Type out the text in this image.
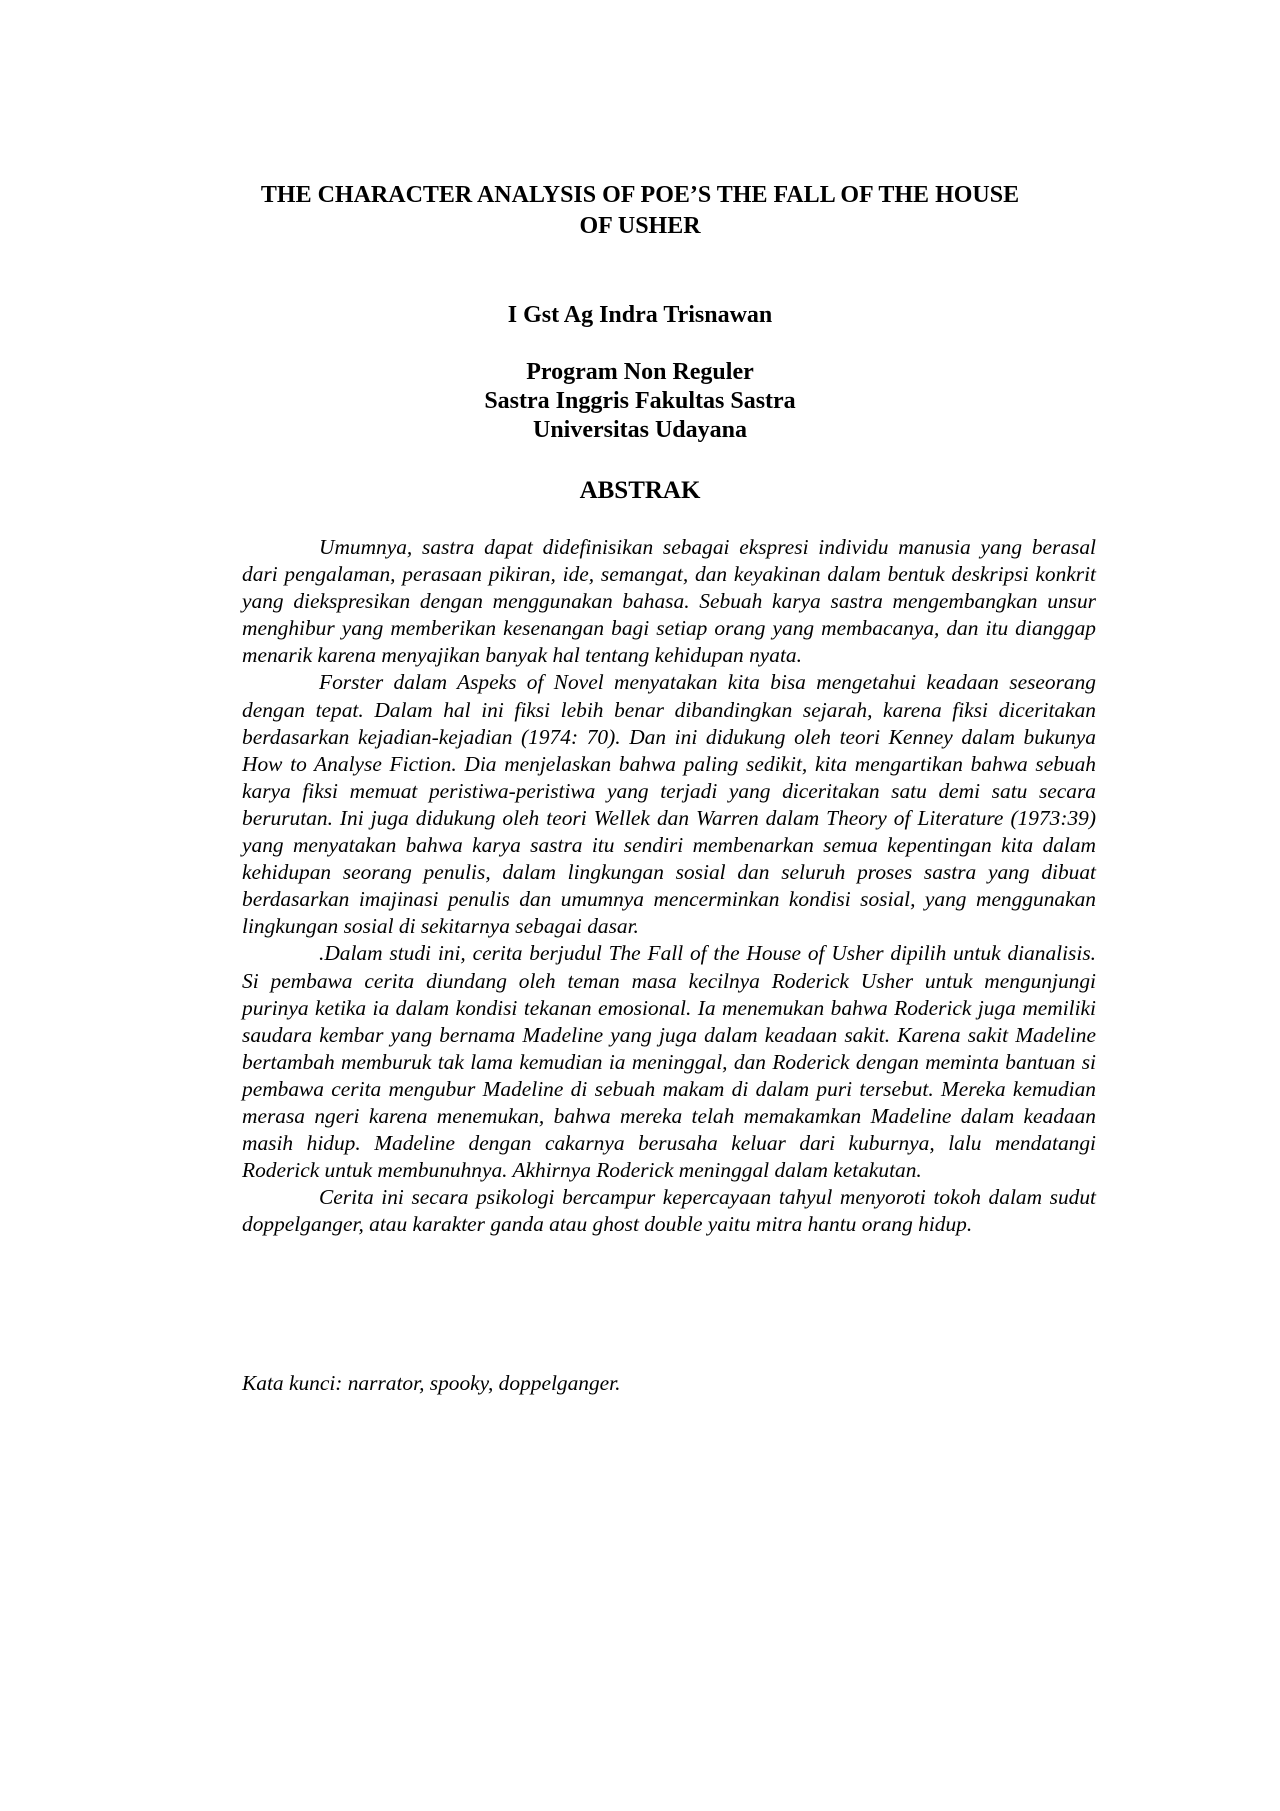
THE CHARACTER ANALYSIS OF POE’S THE FALL OF THE HOUSE
OF USHER
I Gst Ag Indra Trisnawan
Program Non Reguler
Sastra Inggris Fakultas Sastra
Universitas Udayana
ABSTRAK

Umumnya, sastra dapat didefinisikan sebagai ekspresi individu manusia yang berasal dari pengalaman, perasaan pikiran, ide, semangat, dan keyakinan dalam bentuk deskripsi konkrit yang diekspresikan dengan menggunakan bahasa. Sebuah karya sastra mengembangkan unsur menghibur yang memberikan kesenangan bagi setiap orang yang membacanya, dan itu dianggap menarik karena menyajikan banyak hal tentang kehidupan nyata.

Forster dalam Aspeks of Novel menyatakan kita bisa mengetahui keadaan seseorang dengan tepat. Dalam hal ini fiksi lebih benar dibandingkan sejarah, karena fiksi diceritakan berdasarkan kejadian-kejadian (1974: 70). Dan ini didukung oleh teori Kenney dalam bukunya How to Analyse Fiction. Dia menjelaskan bahwa paling sedikit, kita mengartikan bahwa sebuah karya fiksi memuat peristiwa-peristiwa yang terjadi yang diceritakan satu demi satu secara berurutan. Ini juga didukung oleh teori Wellek dan Warren dalam Theory of Literature (1973:39) yang menyatakan bahwa karya sastra itu sendiri membenarkan semua kepentingan kita dalam kehidupan seorang penulis, dalam lingkungan sosial dan seluruh proses sastra yang dibuat berdasarkan imajinasi penulis dan umumnya mencerminkan kondisi sosial, yang menggunakan lingkungan sosial di sekitarnya sebagai dasar.

.Dalam studi ini, cerita berjudul The Fall of the House of Usher dipilih untuk dianalisis. Si pembawa cerita diundang oleh teman masa kecilnya Roderick Usher untuk mengunjungi purinya ketika ia dalam kondisi tekanan emosional. Ia menemukan bahwa Roderick juga memiliki saudara kembar yang bernama Madeline yang juga dalam keadaan sakit. Karena sakit Madeline bertambah memburuk tak lama kemudian ia meninggal, dan Roderick dengan meminta bantuan si pembawa cerita mengubur Madeline di sebuah makam di dalam puri tersebut. Mereka kemudian merasa ngeri karena menemukan, bahwa mereka telah memakamkan Madeline dalam keadaan masih hidup. Madeline dengan cakarnya berusaha keluar dari kuburnya, lalu mendatangi Roderick untuk membunuhnya. Akhirnya Roderick meninggal dalam ketakutan.

Cerita ini secara psikologi bercampur kepercayaan tahyul menyoroti tokoh dalam sudut doppelganger, atau karakter ganda atau ghost double yaitu mitra hantu orang hidup.

Kata kunci: narrator, spooky, doppelganger.
